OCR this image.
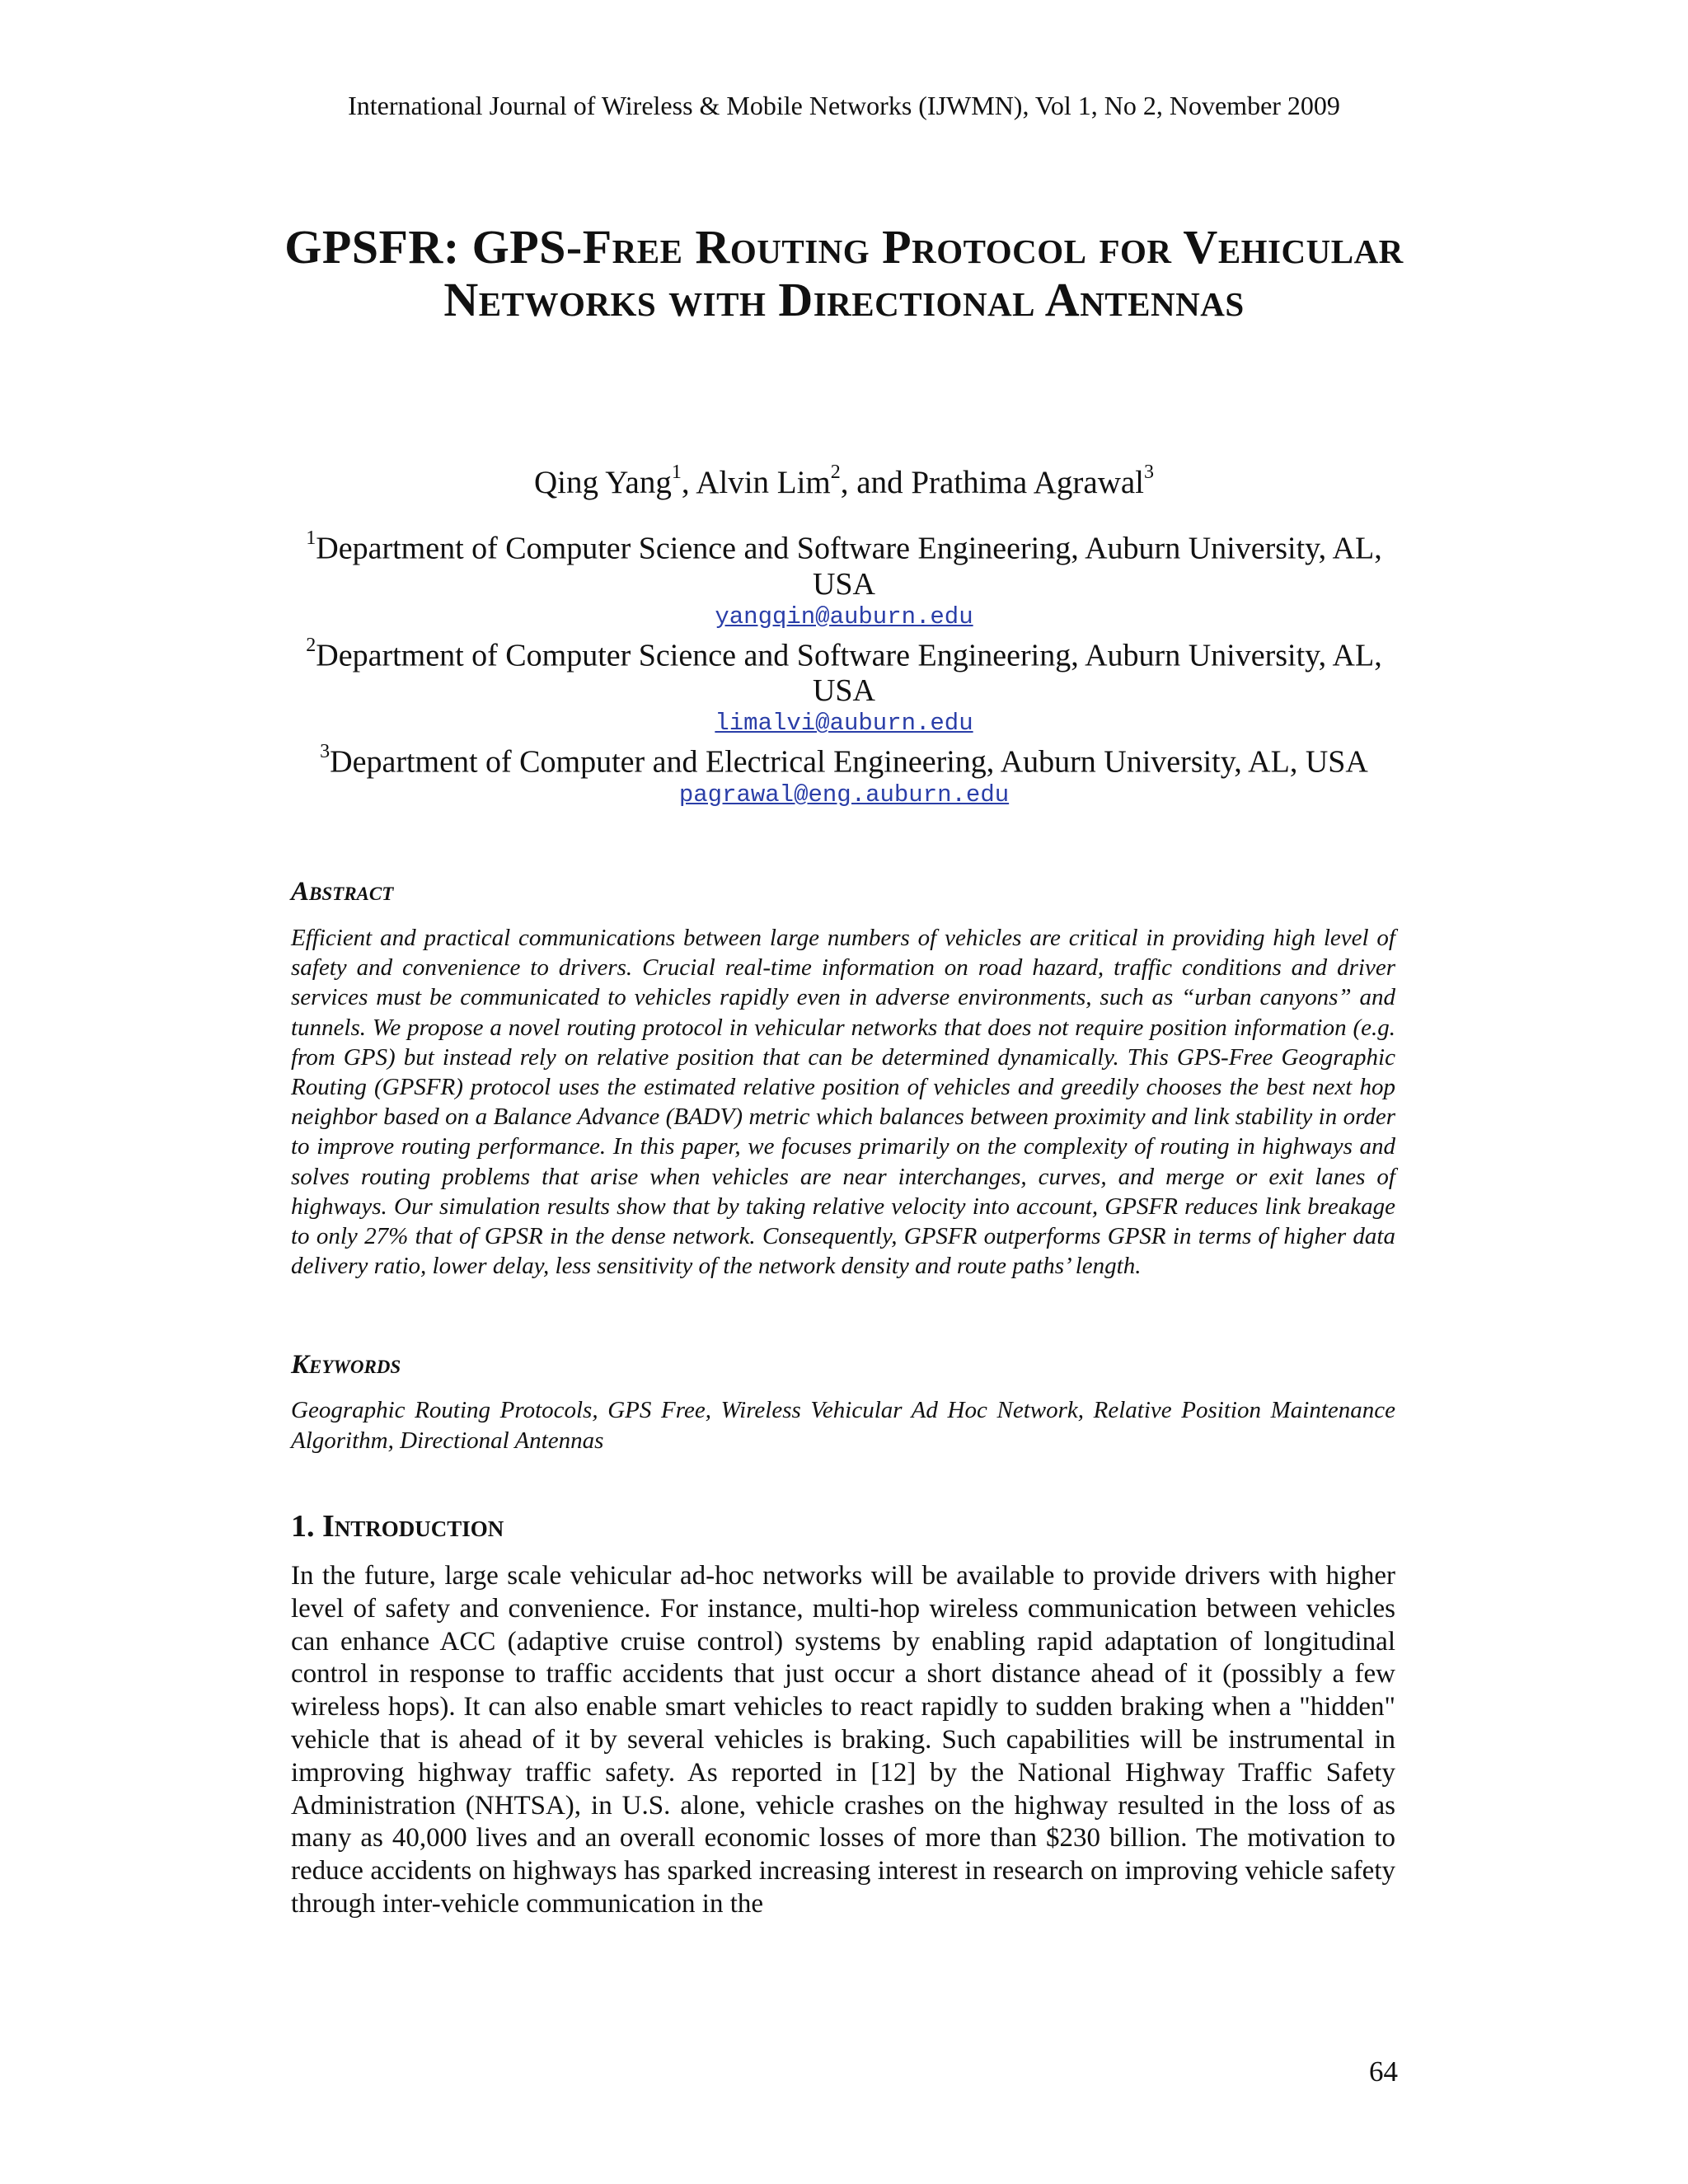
International Journal of Wireless & Mobile Networks (IJWMN), Vol 1, No 2, November 2009
GPSFR: GPS-Free Routing Protocol for Vehicular Networks with Directional Antennas
Qing Yang$^1$, Alvin Lim$^2$, and Prathima Agrawal$^3$
$^1$Department of Computer Science and Software Engineering, Auburn University, AL, USA
yangqin@auburn.edu
$^2$Department of Computer Science and Software Engineering, Auburn University, AL, USA
limalvi@auburn.edu
$^3$Department of Computer and Electrical Engineering, Auburn University, AL, USA
pagrawal@eng.auburn.edu
Abstract
Efficient and practical communications between large numbers of vehicles are critical in providing high level of safety and convenience to drivers. Crucial real-time information on road hazard, traffic conditions and driver services must be communicated to vehicles rapidly even in adverse environments, such as “urban canyons” and tunnels. We propose a novel routing protocol in vehicular networks that does not require position information (e.g. from GPS) but instead rely on relative position that can be determined dynamically. This GPS-Free Geographic Routing (GPSFR) protocol uses the estimated relative position of vehicles and greedily chooses the best next hop neighbor based on a Balance Advance (BADV) metric which balances between proximity and link stability in order to improve routing performance. In this paper, we focuses primarily on the complexity of routing in highways and solves routing problems that arise when vehicles are near interchanges, curves, and merge or exit lanes of highways. Our simulation results show that by taking relative velocity into account, GPSFR reduces link breakage to only 27% that of GPSR in the dense network. Consequently, GPSFR outperforms GPSR in terms of higher data delivery ratio, lower delay, less sensitivity of the network density and route paths’ length.
Keywords
Geographic Routing Protocols, GPS Free, Wireless Vehicular Ad Hoc Network, Relative Position Maintenance Algorithm, Directional Antennas
1. Introduction
In the future, large scale vehicular ad-hoc networks will be available to provide drivers with higher level of safety and convenience. For instance, multi-hop wireless communication between vehicles can enhance ACC (adaptive cruise control) systems by enabling rapid adaptation of longitudinal control in response to traffic accidents that just occur a short distance ahead of it (possibly a few wireless hops). It can also enable smart vehicles to react rapidly to sudden braking when a "hidden" vehicle that is ahead of it by several vehicles is braking. Such capabilities will be instrumental in improving highway traffic safety. As reported in [12] by the National Highway Traffic Safety Administration (NHTSA), in U.S. alone, vehicle crashes on the highway resulted in the loss of as many as 40,000 lives and an overall economic losses of more than $230 billion. The motivation to reduce accidents on highways has sparked increasing interest in research on improving vehicle safety through inter-vehicle communication in the
64
